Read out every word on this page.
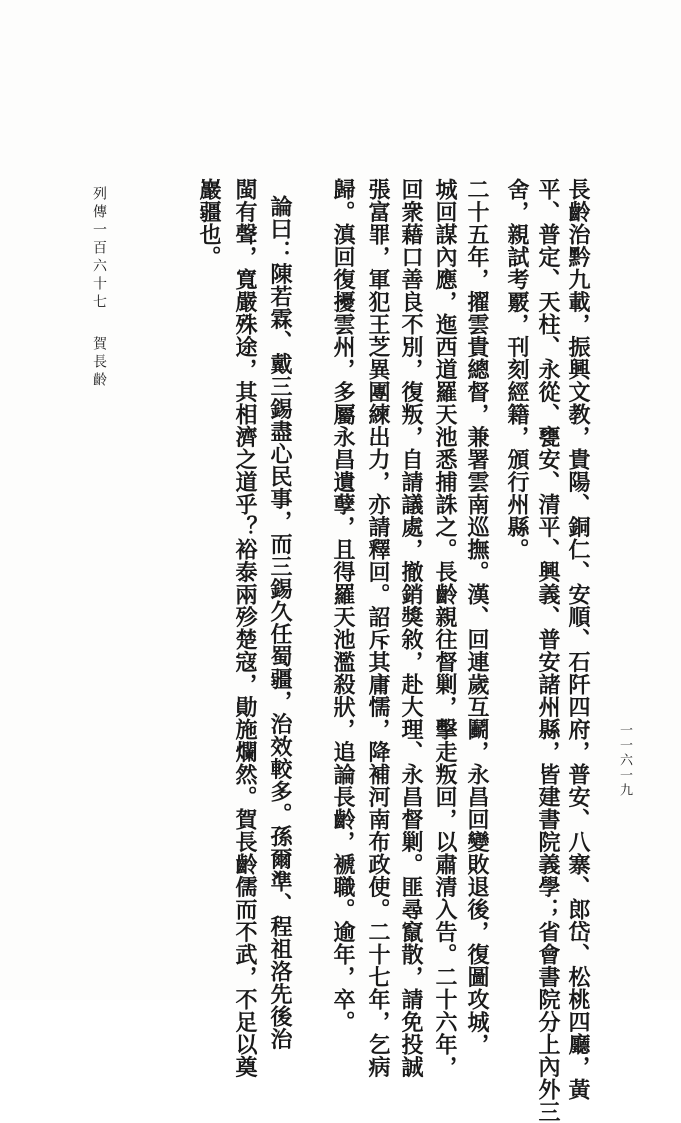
長齡治黔九載，振興文教，貴陽、銅仁、安順、石阡四府，普安、八寨、郎岱、松桃四廳，黃
平、普定、天柱、永從、甕安、清平、興義、普安諸州縣，皆建書院義學；省會書院分上內外三
舍，親試考覈，刊刻經籍，頒行州縣。
二十五年，擢雲貴總督，兼署雲南巡撫。漢、回連歲互鬬，永昌回變敗退後，復圖攻城，
城回謀內應，迤西道羅天池悉捕誅之。長齡親往督剿，擊走叛回，以肅清入告。二十六年，
回衆藉口善良不別，復叛，自請議處，撤銷獎敘，赴大理、永昌督剿。匪尋竄散，請免投誠
張富罪，軍犯王芝異團練出力，亦請釋回。詔斥其庸懦，降補河南布政使。二十七年，乞病
歸。滇回復擾雲州，多屬永昌遺孽，且得羅天池濫殺狀，追論長齡，褫職。逾年，卒。
論曰：陳若霖、戴三錫盡心民事，而三錫久任蜀疆，治效較多。孫爾準、程祖洛先後治
閩有聲，寬嚴殊途，其相濟之道乎？裕泰兩殄楚寇，勛施爛然。賀長齡儒而不武，不足以奠
巖疆也。
列傳一百六十七
賀長齡
一一六一九
